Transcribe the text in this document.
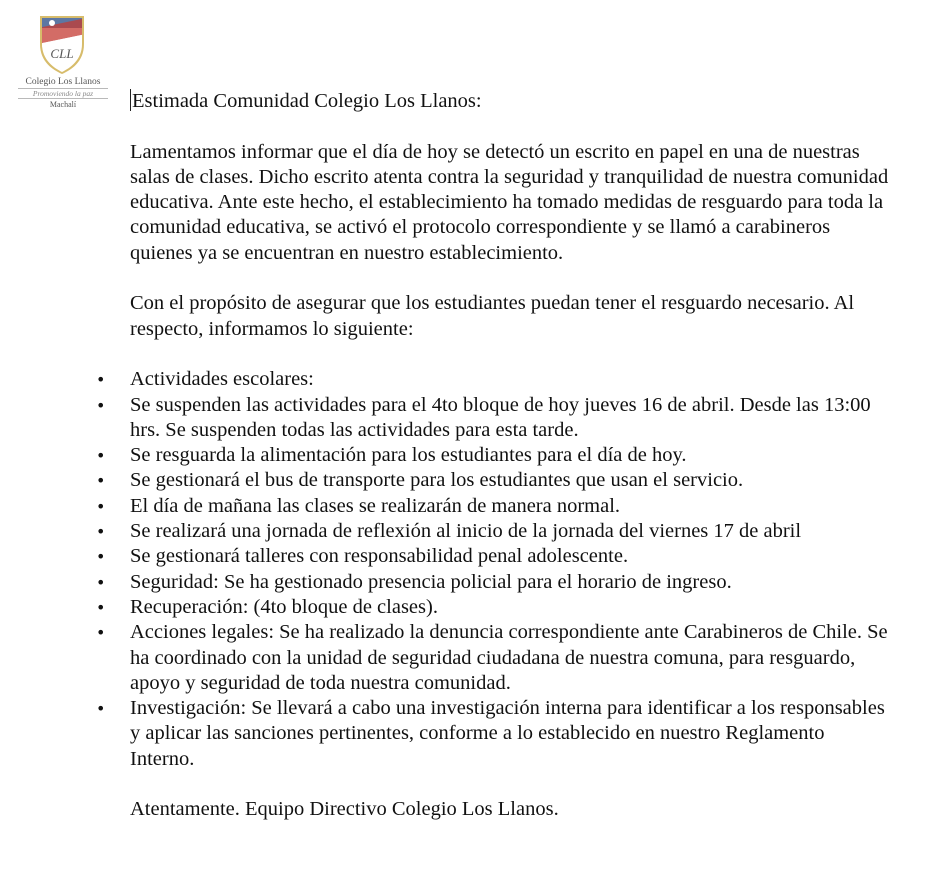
CLL
Colegio Los Llanos
Promoviendo la paz
Machalí	Estimada Comunidad Colegio Los Llanos:

Lamentamos informar que el día de hoy se detectó un escrito en papel en una de nuestras salas de clases. Dicho escrito atenta contra la seguridad y tranquilidad de nuestra comunidad educativa. Ante este hecho, el establecimiento ha tomado medidas de resguardo para toda la comunidad educativa, se activó el protocolo correspondiente y se llamó a carabineros quienes ya se encuentran en nuestro establecimiento.

Con el propósito de asegurar que los estudiantes puedan tener el resguardo necesario. Al respecto, informamos lo siguiente:

• Actividades escolares:
• Se suspenden las actividades para el 4to bloque de hoy jueves 16 de abril. Desde las 13:00 hrs. Se suspenden todas las actividades para esta tarde.
• Se resguarda la alimentación para los estudiantes para el día de hoy.
• Se gestionará el bus de transporte para los estudiantes que usan el servicio.
• El día de mañana las clases se realizarán de manera normal.
• Se realizará una jornada de reflexión al inicio de la jornada del viernes 17 de abril
• Se gestionará talleres con responsabilidad penal adolescente.
• Seguridad: Se ha gestionado presencia policial para el horario de ingreso.
• Recuperación: (4to bloque de clases).
• Acciones legales: Se ha realizado la denuncia correspondiente ante Carabineros de Chile. Se ha coordinado con la unidad de seguridad ciudadana de nuestra comuna, para resguardo, apoyo y seguridad de toda nuestra comunidad.
• Investigación: Se llevará a cabo una investigación interna para identificar a los responsables y aplicar las sanciones pertinentes, conforme a lo establecido en nuestro Reglamento Interno.

Atentamente. Equipo Directivo Colegio Los Llanos.
